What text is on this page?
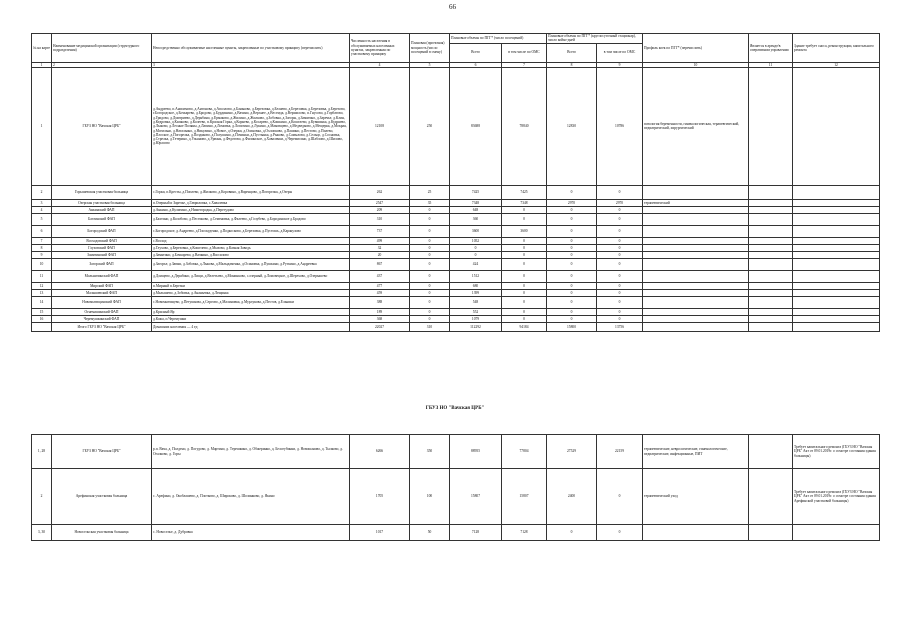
66
№ на карте	Наименование медицинской организации (структурного подразделения)	Непосредственно обслуживаемые населенные пункты, закрепленные по участковому принципу (перечислить)	Численность населения в обслуживаемых населенных пунктах, закрепленная по участковому принципу	Плановая (проектная) мощность (число посещений в смену)	Плановые объемы по ПГГ* (число посещений)		Плановые объемы по ПГГ* (круглосуточный стационар), число койко-дней		Профиль коек по ПГГ* (перечислить)	Является в аренде/в оперативном управлении	Здание требует сноса, реконструкции, капитального ремонта
					Всего	в том числе по ОМС	Всего	в том числе по ОМС			
1	2	3	4	5	6	7	8	9	10	11	12
1	ГБУЗ НО "Вачская ЦРБ"	д.Андреево, п.Анисимово, д.Антонова, д.Аполлово, д.Баньково, д.Березовка, д.Беляево, д.Березовка, д.Березовка, д.Березово, г.Богородское, д.Бочкарево, д.Бродово, д.Бурдинино, д.Вачино, д.Верхнее, д.Весемда, д.Вершилово, п.Гнусово, д.Горбатово, д.Гридово, д.Дмитриево, д.Дерябино, д.Ермаково, д.Жилино, д.Жилково, д.Зобовка, д.Загоры, д.Замятино, д.Заречье, д.Клин, д.Кедровка, д.Казаково, д.Колеево, п.Красная Горка, д.Корнево, д.Косарево, д.Кошкино, д.Кошелево, д.Кувшинка, д.Кудряево, д.Лыково, д.Лесные Поляны, д.Лапино, д.Ломовка, д.Лопатино, д.Лукино, д.Маковщево, д.Медведково, д.Мещерка, д.Мокрая, д.Могильно, д.Натальино, д.Никулино, д.Новое, д.Озерки, д.Осиновка, д.Охлопково, д.Пашино, д.Пестово, д.Пилево, д.Плоское, д.Погорелка, д.Поздяково, д.Полушино, д.Починки, д.Пустынка, д.Рыково, д.Самылово, д.Сельцо, д.Сосновка, д.Стрелка, д.Тетерино, д.Ульяново, д.Урвань, д.Федотово, д.Филинское, д.Хаваленки, д.Черемисино, д.Шаблово, д.Шилово, д.Юрасово	12108	250	83688	78840	12830	10786	патология беременности, гинекологическая, терапевтический, педиатрический, хирургический		
2	Горышевская участковая больница	с.Горки, п.Кресты, д.Поплево, д.Жилково, д.Коровино, д.Варенцово, д.Погорелка, д.Озеры	262	25	7425	7425	0	0			
3	Озерская участковая больница	п.Озерный и Заречье, д.Гавриловка, с.Хавалевка	2547	35	7348	7348	2970	2970	терапевтический		
4	Анкинский ФАП	д.Анкино, д.Кулигино, д.Нижегородка, д.Перегудово	209	0	648	0	0	0			
5	Бахтинский ФАП	д.Бахтино, д.Колобово, д.Пестиково, д.Семеновка, д.Фалеево, д.Голубево, д.Бородинское д.Бродово	310	0	360	0	0	0			
6	Богородский ФАП	с.Богородское, д.Андреево, д.Плоскуденко, д.Подкосково, д.Березовка, д.Пустошь, д.Каракулово	737	0	3600	3600	0	0			
7	Восходовский ФАП	с.Восход	499	0	1052	0	0	0			
8	Глуховский ФАП	д.Глухово, д.Березовка, д.Кошелево, д.Мызово, д.Казная Заводь	32	0	0	0	0	0			
9	Замятинский ФАП	д.Замятино, д.Бочкарево, д.Вачкино, д.Вассилово	20	0	0	0	0	0			
10	Загорский ФАП	д.Загорье, д.Заваш, д.Зобовка, д.Лыкова, д.Малыдаменка, д.Осиновка, д.Пушкино, д.Руткино, д.Андреевка	867	0	424	0	0	0			
11	Мольничинский ФАП	д.Длищево, д.Дерябино, д.Лищи, д.Велетьево, д.Монинково, с.озерный, д.Ломовецкое, д.Шерехово, д.Озерышево	437	0	1512	0	0	0			
12	Мирский ФАП	п.Мирный п.Березки	477	0	680	0	0	0			
13	Малышевский ФАП	д.Малышево, д.Зобовка, д.Ананьевка, д.Лещинка	459	0	1399	0	0	0			
14	Новомытищинский ФАП	с.Новомытищево, д.Петушкова, д.Сергово, д.Малиновка, д.Мурлукова, д.Пестов, д.Ельники	388	0	548	0	0	0			
15	Огнемашинский ФАП	д.Красный Яр	189	0	552	0	0	0			
16	Черемушкинский ФАП	д.Кожа, п.Черемушки	368	0	1079	0	0	0			
	Итого ГБУЗ НО "Вачская ЦРБ"	Домашних населения — 4 ед	22027	310	112292	94184	15800	13756			
ГБУЗ НО "Вачская ЦРБ"
1, 28	ГБУЗ НО "Вачская ЦРБ"	р.п. Вача, д. Полдено, д. Погудово, д. Мартино, д. Терешкино, д. Обжеринко, д. Белогубинки, д. Новошаново, д. Тылково, д. Огалково, д. Горы	6266	350	88955	77804	27529	22159	терапевтические, неврологические, гинекологические, педиатрические, инфекционные, ПИТ		Требует капитального ремонта (ГБУЗ НО "Вачская ЦРБ" Акт от 09.01.2019г. о осмотре состояния здания больницы)
2	Арефинская участковая больница	с. Арефино, д. Окоблашево, д. Плотково, д. Широково, д. Шолинково, д. Якино	1705	100	15807	15807	2400	0	терапевтический уход		Требует капитального ремонта (ГБУЗ НО "Вачская ЦРБ" Акт от 09.01.2019г. о осмотре состояния здания Арефинской участковой больницы)
3, 30	Новосельская участковая больница	с. Новоселье, д. Дубровка	1017	50	7128	7128	0	0			
